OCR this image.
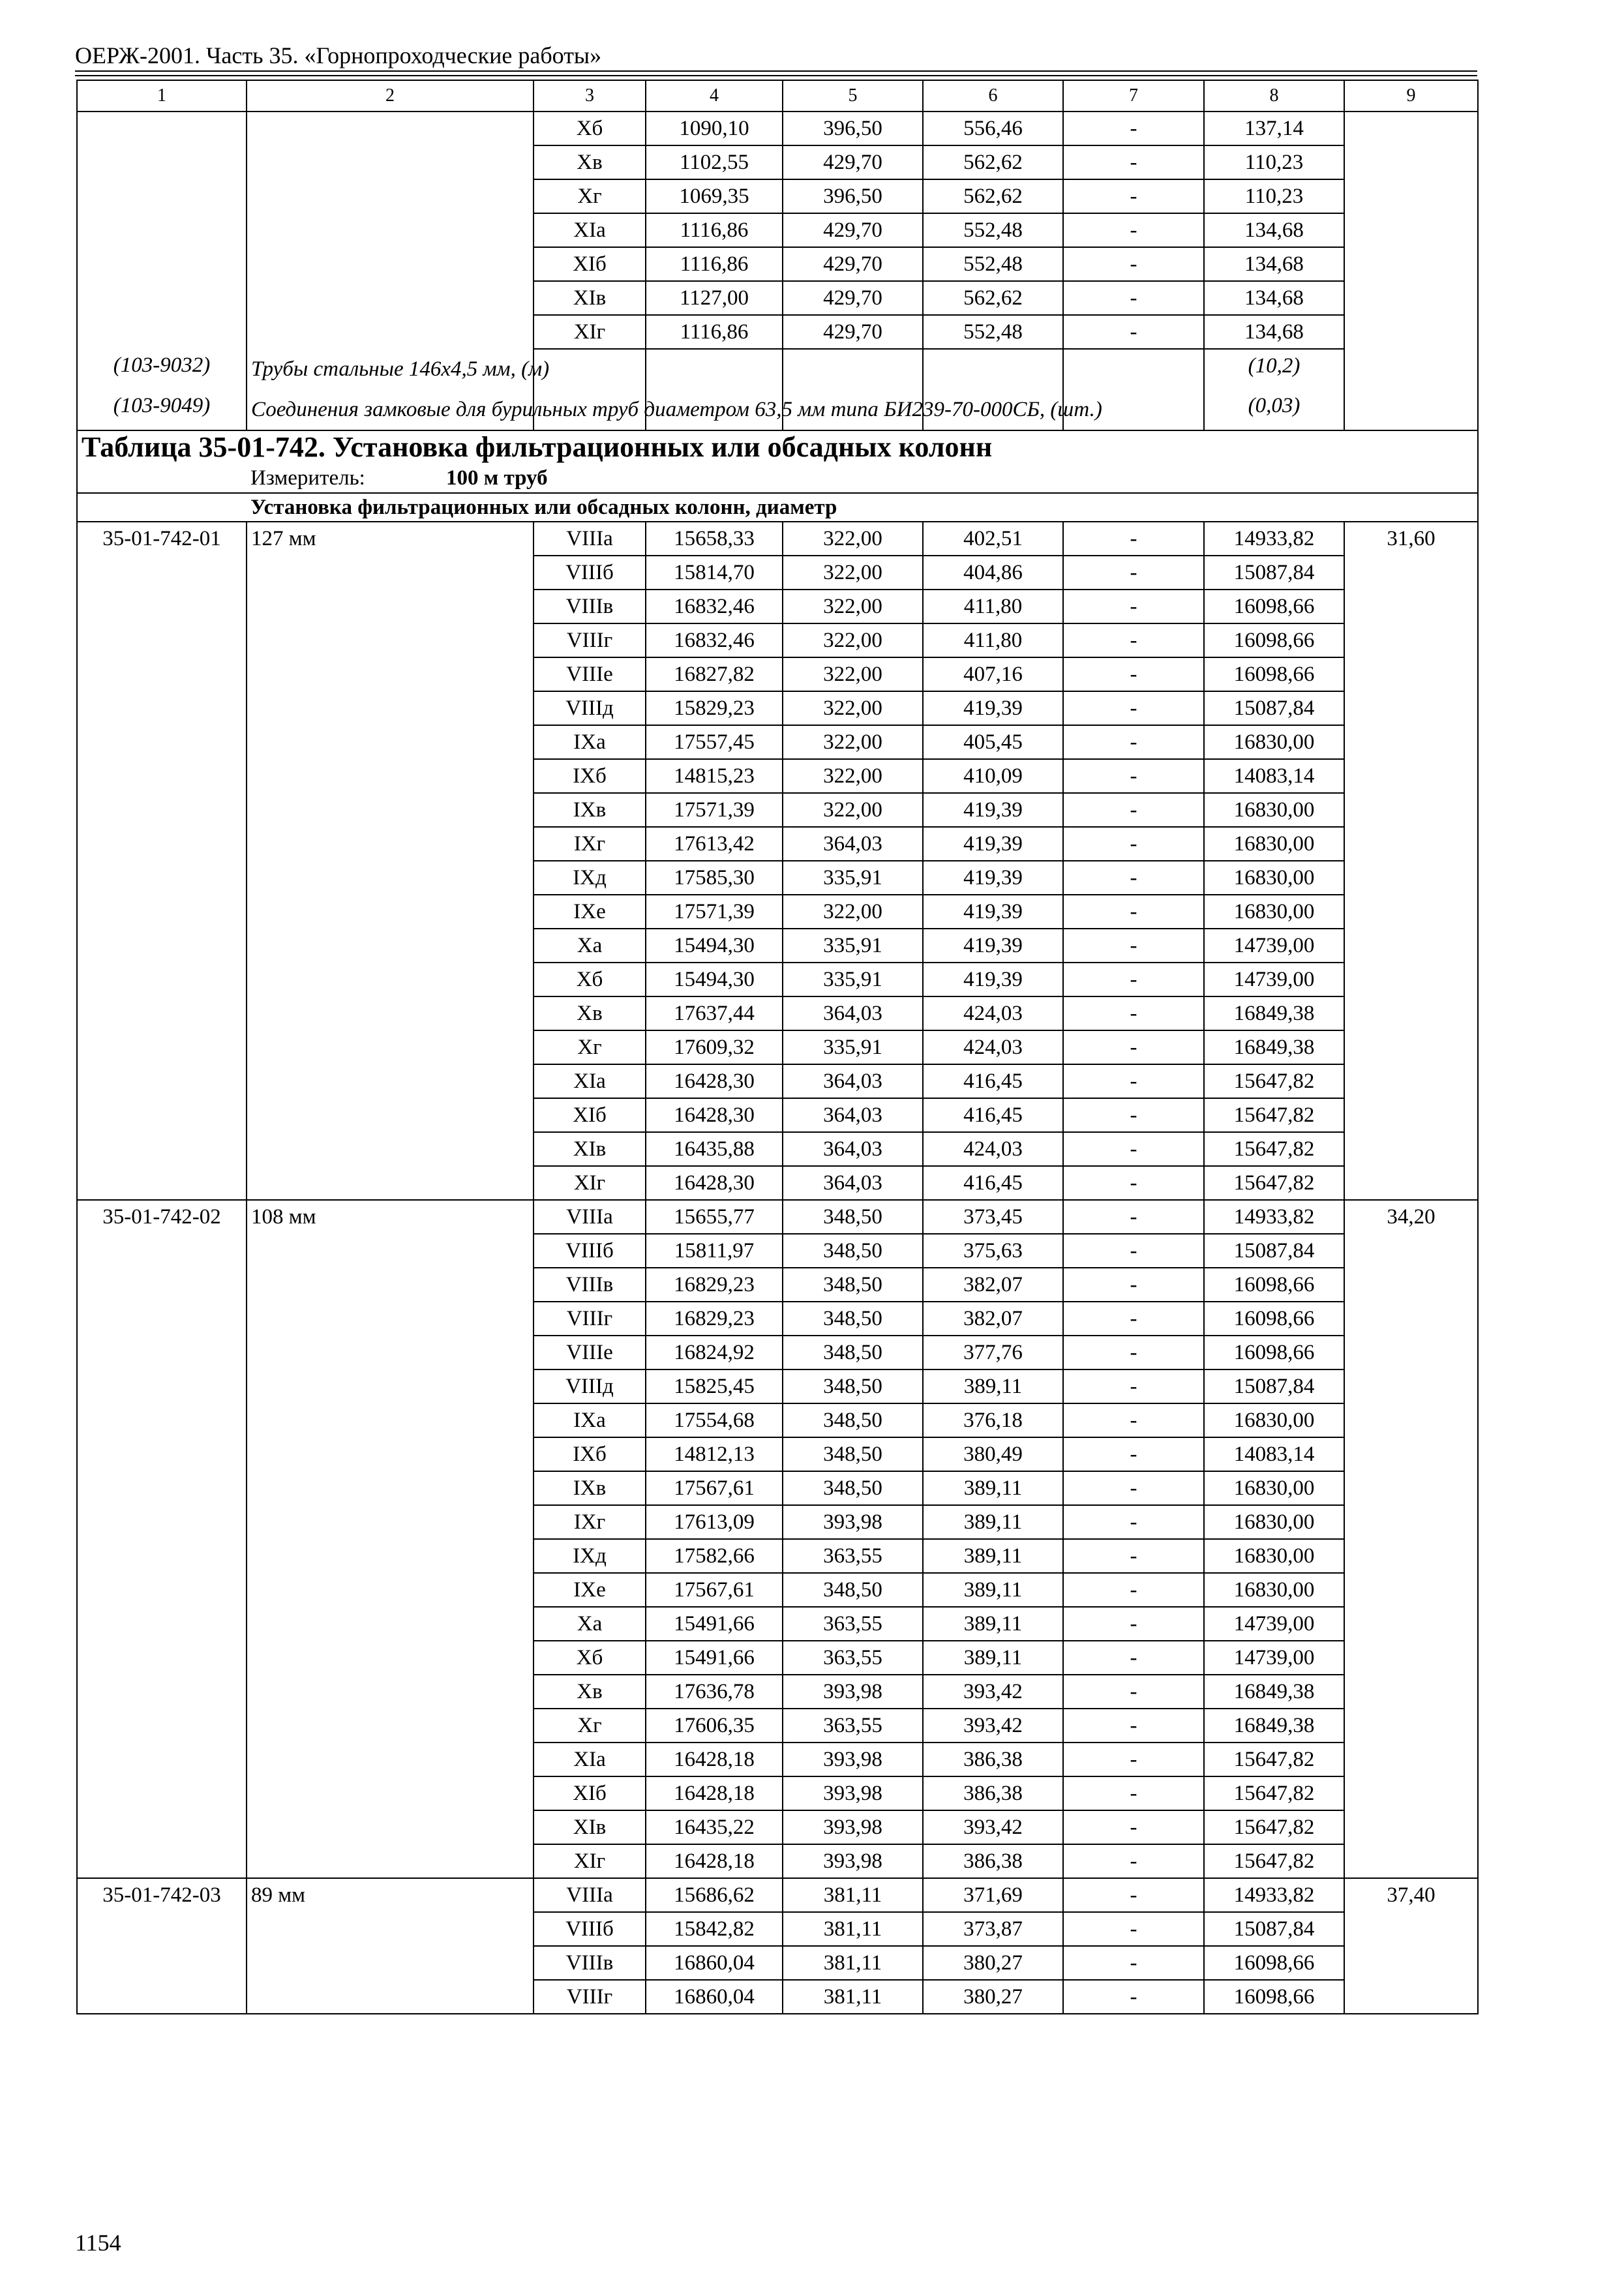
ОЕРЖ-2001. Часть 35. «Горнопроходческие работы»
1	2	3	4	5	6	7	8	9
		Хб	1090,10	396,50	556,46	-	137,14	
		Хв	1102,55	429,70	562,62	-	110,23	
		Хг	1069,35	396,50	562,62	-	110,23	
		XIa	1116,86	429,70	552,48	-	134,68	
		XIб	1116,86	429,70	552,48	-	134,68	
		XIв	1127,00	429,70	562,62	-	134,68	
		XIг	1116,86	429,70	552,48	-	134,68	
(103-9032)	Трубы стальные 146х4,5 мм, (м)						(10,2)	
(103-9049)	Соединения замковые для бурильных труб диаметром 63,5 мм типа БИ239-70-000СБ, (шт.)						(0,03)	
Таблица 35-01-742. Установка фильтрационных или обсадных колонн								
Измеритель: 100 м труб								
Установка фильтрационных или обсадных колонн, диаметр								
35-01-742-01	127 мм	VIIIa	15658,33	322,00	402,51	-	14933,82	31,60
		VIIIб	15814,70	322,00	404,86	-	15087,84	
		VIIIв	16832,46	322,00	411,80	-	16098,66	
		VIIIг	16832,46	322,00	411,80	-	16098,66	
		VIIIe	16827,82	322,00	407,16	-	16098,66	
		VIIIд	15829,23	322,00	419,39	-	15087,84	
		IXa	17557,45	322,00	405,45	-	16830,00	
		IXб	14815,23	322,00	410,09	-	14083,14	
		IXв	17571,39	322,00	419,39	-	16830,00	
		IXг	17613,42	364,03	419,39	-	16830,00	
		IXд	17585,30	335,91	419,39	-	16830,00	
		IXe	17571,39	322,00	419,39	-	16830,00	
		Xa	15494,30	335,91	419,39	-	14739,00	
		Хб	15494,30	335,91	419,39	-	14739,00	
		Хв	17637,44	364,03	424,03	-	16849,38	
		Хг	17609,32	335,91	424,03	-	16849,38	
		XIa	16428,30	364,03	416,45	-	15647,82	
		XIб	16428,30	364,03	416,45	-	15647,82	
		XIв	16435,88	364,03	424,03	-	15647,82	
		XIг	16428,30	364,03	416,45	-	15647,82	
35-01-742-02	108 мм	VIIIa	15655,77	348,50	373,45	-	14933,82	34,20
		VIIIб	15811,97	348,50	375,63	-	15087,84	
		VIIIв	16829,23	348,50	382,07	-	16098,66	
		VIIIг	16829,23	348,50	382,07	-	16098,66	
		VIIIe	16824,92	348,50	377,76	-	16098,66	
		VIIIд	15825,45	348,50	389,11	-	15087,84	
		IXa	17554,68	348,50	376,18	-	16830,00	
		IXб	14812,13	348,50	380,49	-	14083,14	
		IXв	17567,61	348,50	389,11	-	16830,00	
		IXг	17613,09	393,98	389,11	-	16830,00	
		IXд	17582,66	363,55	389,11	-	16830,00	
		IXe	17567,61	348,50	389,11	-	16830,00	
		Xa	15491,66	363,55	389,11	-	14739,00	
		Хб	15491,66	363,55	389,11	-	14739,00	
		Хв	17636,78	393,98	393,42	-	16849,38	
		Хг	17606,35	363,55	393,42	-	16849,38	
		XIa	16428,18	393,98	386,38	-	15647,82	
		XIб	16428,18	393,98	386,38	-	15647,82	
		XIв	16435,22	393,98	393,42	-	15647,82	
		XIг	16428,18	393,98	386,38	-	15647,82	
35-01-742-03	89 мм	VIIIa	15686,62	381,11	371,69	-	14933,82	37,40
		VIIIб	15842,82	381,11	373,87	-	15087,84	
		VIIIв	16860,04	381,11	380,27	-	16098,66	
		VIIIг	16860,04	381,11	380,27	-	16098,66	
1154
